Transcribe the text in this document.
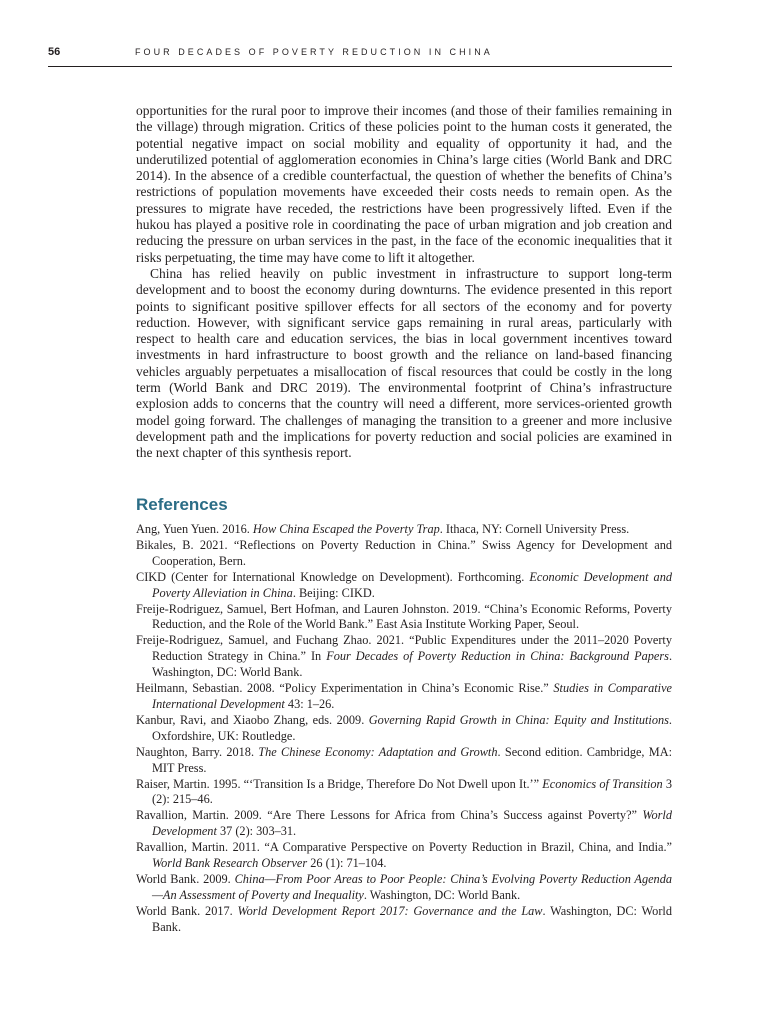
56	FOUR DECADES OF POVERTY REDUCTION IN CHINA

opportunities for the rural poor to improve their incomes (and those of their families remaining in the village) through migration. Critics of these policies point to the human costs it generated, the potential negative impact on social mobility and equality of opportunity it had, and the underutilized potential of agglomeration economies in China’s large cities (World Bank and DRC 2014). In the absence of a credible counterfactual, the question of whether the benefits of China’s restrictions of population movements have exceeded their costs needs to remain open. As the pressures to migrate have receded, the restrictions have been progressively lifted. Even if the hukou has played a positive role in coordinating the pace of urban migration and job creation and reducing the pressure on urban services in the past, in the face of the economic inequalities that it risks perpetuating, the time may have come to lift it altogether.

China has relied heavily on public investment in infrastructure to support long-term development and to boost the economy during downturns. The evidence presented in this report points to significant positive spillover effects for all sectors of the economy and for poverty reduction. However, with significant service gaps remaining in rural areas, particularly with respect to health care and education services, the bias in local government incentives toward investments in hard infrastructure to boost growth and the reliance on land-based financing vehicles arguably perpetuates a misallocation of fiscal resources that could be costly in the long term (World Bank and DRC 2019). The environmental footprint of China’s infrastructure explosion adds to concerns that the country will need a different, more services-oriented growth model going forward. The challenges of managing the transition to a greener and more inclusive development path and the implications for poverty reduction and social policies are examined in the next chapter of this synthesis report.

References
Ang, Yuen Yuen. 2016. How China Escaped the Poverty Trap. Ithaca, NY: Cornell University Press.
Bikales, B. 2021. “Reflections on Poverty Reduction in China.” Swiss Agency for Development and Cooperation, Bern.
CIKD (Center for International Knowledge on Development). Forthcoming. Economic Development and Poverty Alleviation in China. Beijing: CIKD.
Freije-Rodriguez, Samuel, Bert Hofman, and Lauren Johnston. 2019. “China’s Economic Reforms, Poverty Reduction, and the Role of the World Bank.” East Asia Institute Working Paper, Seoul.
Freije-Rodriguez, Samuel, and Fuchang Zhao. 2021. “Public Expenditures under the 2011–2020 Poverty Reduction Strategy in China.” In Four Decades of Poverty Reduction in China: Background Papers. Washington, DC: World Bank.
Heilmann, Sebastian. 2008. “Policy Experimentation in China’s Economic Rise.” Studies in Comparative International Development 43: 1–26.
Kanbur, Ravi, and Xiaobo Zhang, eds. 2009. Governing Rapid Growth in China: Equity and Institutions. Oxfordshire, UK: Routledge.
Naughton, Barry. 2018. The Chinese Economy: Adaptation and Growth. Second edition. Cambridge, MA: MIT Press.
Raiser, Martin. 1995. “‘Transition Is a Bridge, Therefore Do Not Dwell upon It.’” Economics of Transition 3 (2): 215–46.
Ravallion, Martin. 2009. “Are There Lessons for Africa from China’s Success against Poverty?” World Development 37 (2): 303–31.
Ravallion, Martin. 2011. “A Comparative Perspective on Poverty Reduction in Brazil, China, and India.” World Bank Research Observer 26 (1): 71–104.
World Bank. 2009. China—From Poor Areas to Poor People: China’s Evolving Poverty Reduction Agenda—An Assessment of Poverty and Inequality. Washington, DC: World Bank.
World Bank. 2017. World Development Report 2017: Governance and the Law. Washington, DC: World Bank.
